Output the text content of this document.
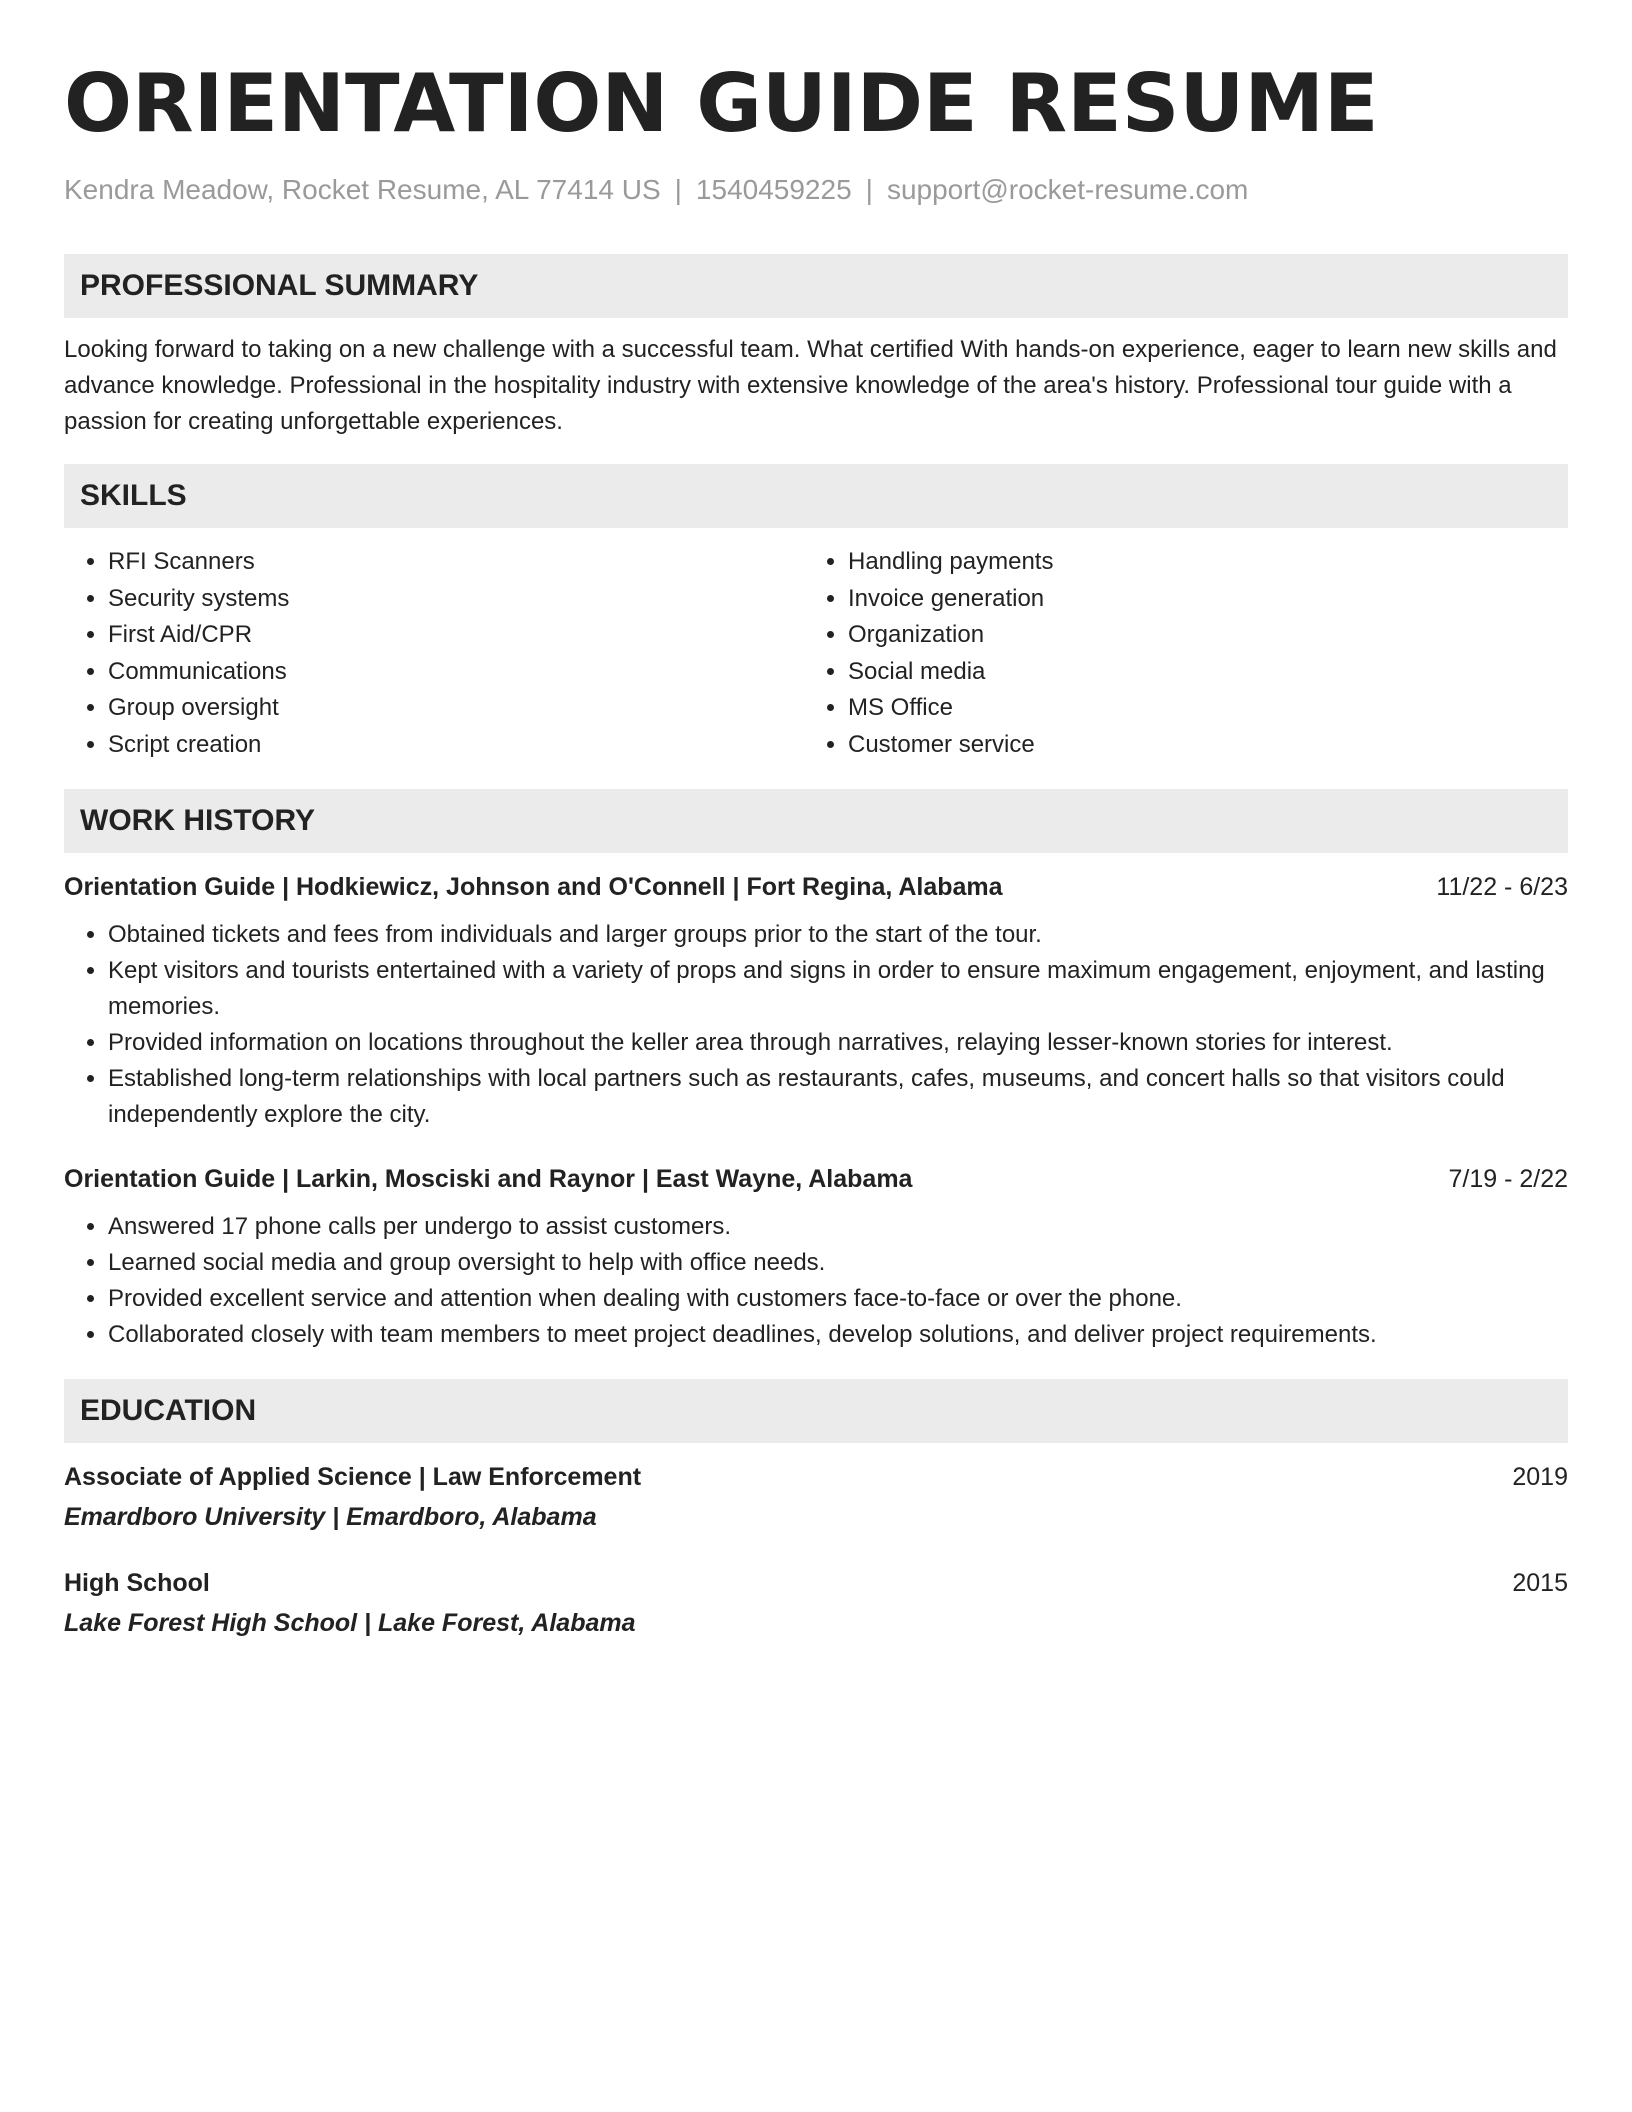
ORIENTATION GUIDE RESUME
Kendra Meadow, Rocket Resume, AL 77414 US | 1540459225 | support@rocket-resume.com
PROFESSIONAL SUMMARY

Looking forward to taking on a new challenge with a successful team. What certified With hands-on experience, eager to learn new skills and advance knowledge. Professional in the hospitality industry with extensive knowledge of the area's history. Professional tour guide with a passion for creating unforgettable experiences.

SKILLS
• RFI Scanners
• Security systems
• First Aid/CPR
• Communications
• Group oversight
• Script creation
• Handling payments
• Invoice generation
• Organization
• Social media
• MS Office
• Customer service
WORK HISTORY
Orientation Guide | Hodkiewicz, Johnson and O'Connell | Fort Regina, Alabama	11/22 - 6/23
• Obtained tickets and fees from individuals and larger groups prior to the start of the tour.
• Kept visitors and tourists entertained with a variety of props and signs in order to ensure maximum engagement, enjoyment, and lasting memories.
• Provided information on locations throughout the keller area through narratives, relaying lesser-known stories for interest.
• Established long-term relationships with local partners such as restaurants, cafes, museums, and concert halls so that visitors could independently explore the city.
Orientation Guide | Larkin, Mosciski and Raynor | East Wayne, Alabama	7/19 - 2/22
• Answered 17 phone calls per undergo to assist customers.
• Learned social media and group oversight to help with office needs.
• Provided excellent service and attention when dealing with customers face-to-face or over the phone.
• Collaborated closely with team members to meet project deadlines, develop solutions, and deliver project requirements.
EDUCATION
Associate of Applied Science | Law Enforcement	2019
Emardboro University | Emardboro, Alabama
High School	2015
Lake Forest High School | Lake Forest, Alabama
